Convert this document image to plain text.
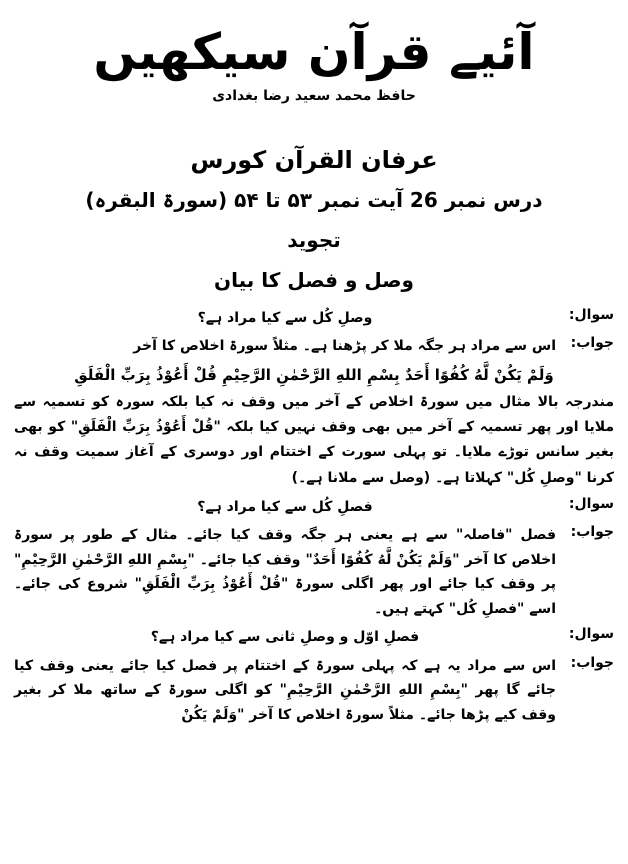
آئیے قرآن سیکھیں
حافظ محمد سعید رضا بغدادی
عرفان القرآن کورس
درس نمبر 26 آیت نمبر ۵۳ تا ۵۴ (سورۃ البقرہ)
تجوید
وصل و فصل کا بیان
سوال:
وصلِ کُل سے کیا مراد ہے؟
جواب:
اس سے مراد ہر جگہ ملا کر پڑھنا ہے۔ مثلاً سورۃ اخلاص کا آخر
وَلَمْ يَكُنْ لَّهُ كُفُوًا أَحَدٌ بِسْمِ اللهِ الرَّحْمٰنِ الرَّحِيْمِ قُلْ أَعُوْذُ بِرَبِّ الْفَلَقِ
مندرجہ بالا مثال میں سورۃ اخلاص کے آخر میں وقف نہ کیا بلکہ سورہ کو تسمیہ سے ملایا اور پھر تسمیہ کے آخر میں بھی وقف نہیں کیا بلکہ "قُلْ أَعُوْذُ بِرَبِّ الْفَلَقِ" کو بھی بغیر سانس توڑے ملایا۔ تو پہلی سورت کے اختتام اور دوسری کے آغاز سمیت وقف نہ کرنا "وصلِ کُل" کہلاتا ہے۔ (وصل سے ملانا ہے۔)
سوال:
فصلِ کُل سے کیا مراد ہے؟
جواب:
فصل "فاصلہ" سے ہے یعنی ہر جگہ وقف کیا جائے۔ مثال کے طور پر سورۃ اخلاص کا آخر "وَلَمْ يَكُنْ لَّهُ كُفُوًا أَحَدٌ" وقف کیا جائے۔ "بِسْمِ اللهِ الرَّحْمٰنِ الرَّحِيْمِ" پر وقف کیا جائے اور پھر اگلی سورۃ "قُلْ أَعُوْذُ بِرَبِّ الْفَلَقِ" شروع کی جائے۔ اسے "فصلِ کُل" کہتے ہیں۔
سوال:
فصلِ اوّل و وصلِ ثانی سے کیا مراد ہے؟
جواب:
اس سے مراد یہ ہے کہ پہلی سورۃ کے اختتام پر فصل کیا جائے یعنی وقف کیا جائے گا پھر "بِسْمِ اللهِ الرَّحْمٰنِ الرَّحِيْمِ" کو اگلی سورۃ کے ساتھ ملا کر بغیر وقف کیے پڑھا جائے۔ مثلاً سورۃ اخلاص کا آخر "وَلَمْ يَكُنْ
